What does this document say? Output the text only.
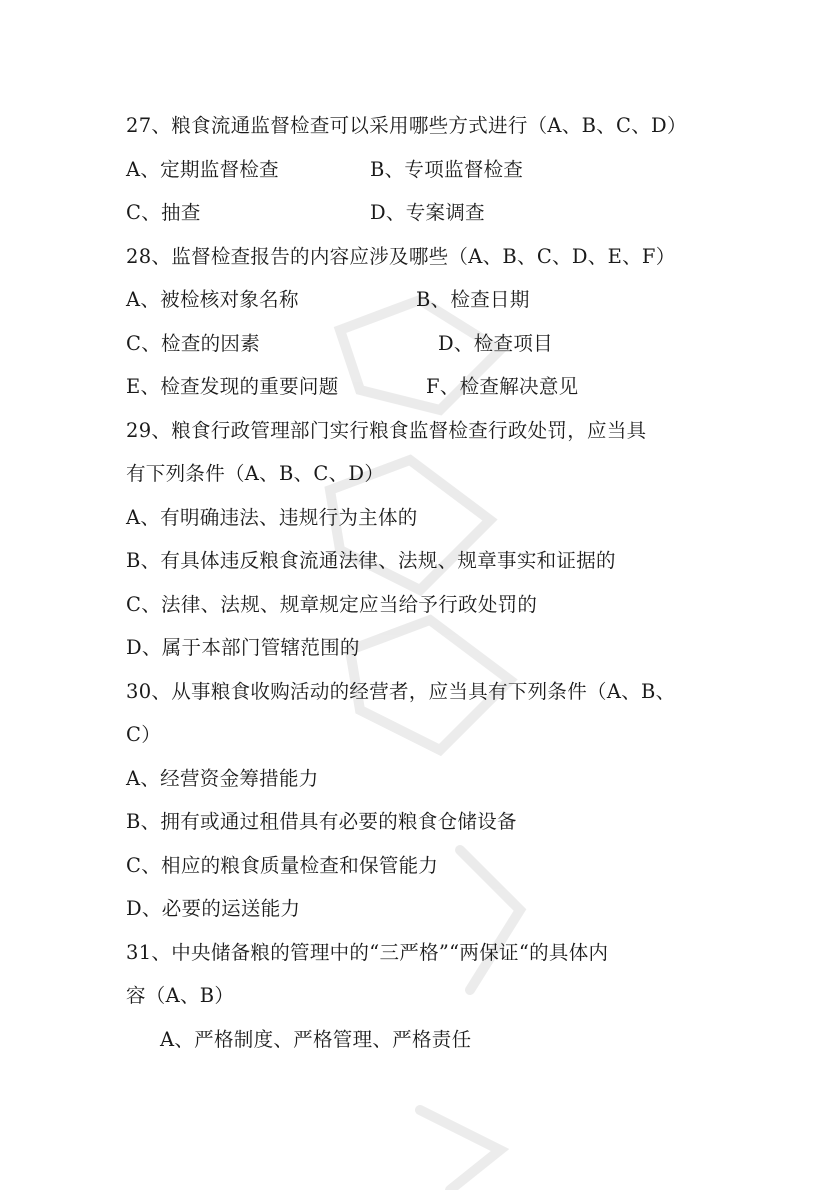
27、粮食流通监督检查可以采用哪些方式进行（A、B、C、D）
A、定期监督检查	B、专项监督检查
C、抽查	D、专案调查
28、监督检查报告的内容应涉及哪些（A、B、C、D、E、F）
A、被检核对象名称	B、检查日期
C、检查的因素	D、检查项目
E、检查发现的重要问题	F、检查解决意见
29、粮食行政管理部门实行粮食监督检查行政处罚，应当具
有下列条件（A、B、C、D）
A、有明确违法、违规行为主体的
B、有具体违反粮食流通法律、法规、规章事实和证据的
C、法律、法规、规章规定应当给予行政处罚的
D、属于本部门管辖范围的
30、从事粮食收购活动的经营者，应当具有下列条件（A、B、
C）
A、经营资金筹措能力
B、拥有或通过租借具有必要的粮食仓储设备
C、相应的粮食质量检查和保管能力
D、必要的运送能力
31、中央储备粮的管理中的“三严格”“两保证“的具体内
容（A、B）
A、严格制度、严格管理、严格责任
